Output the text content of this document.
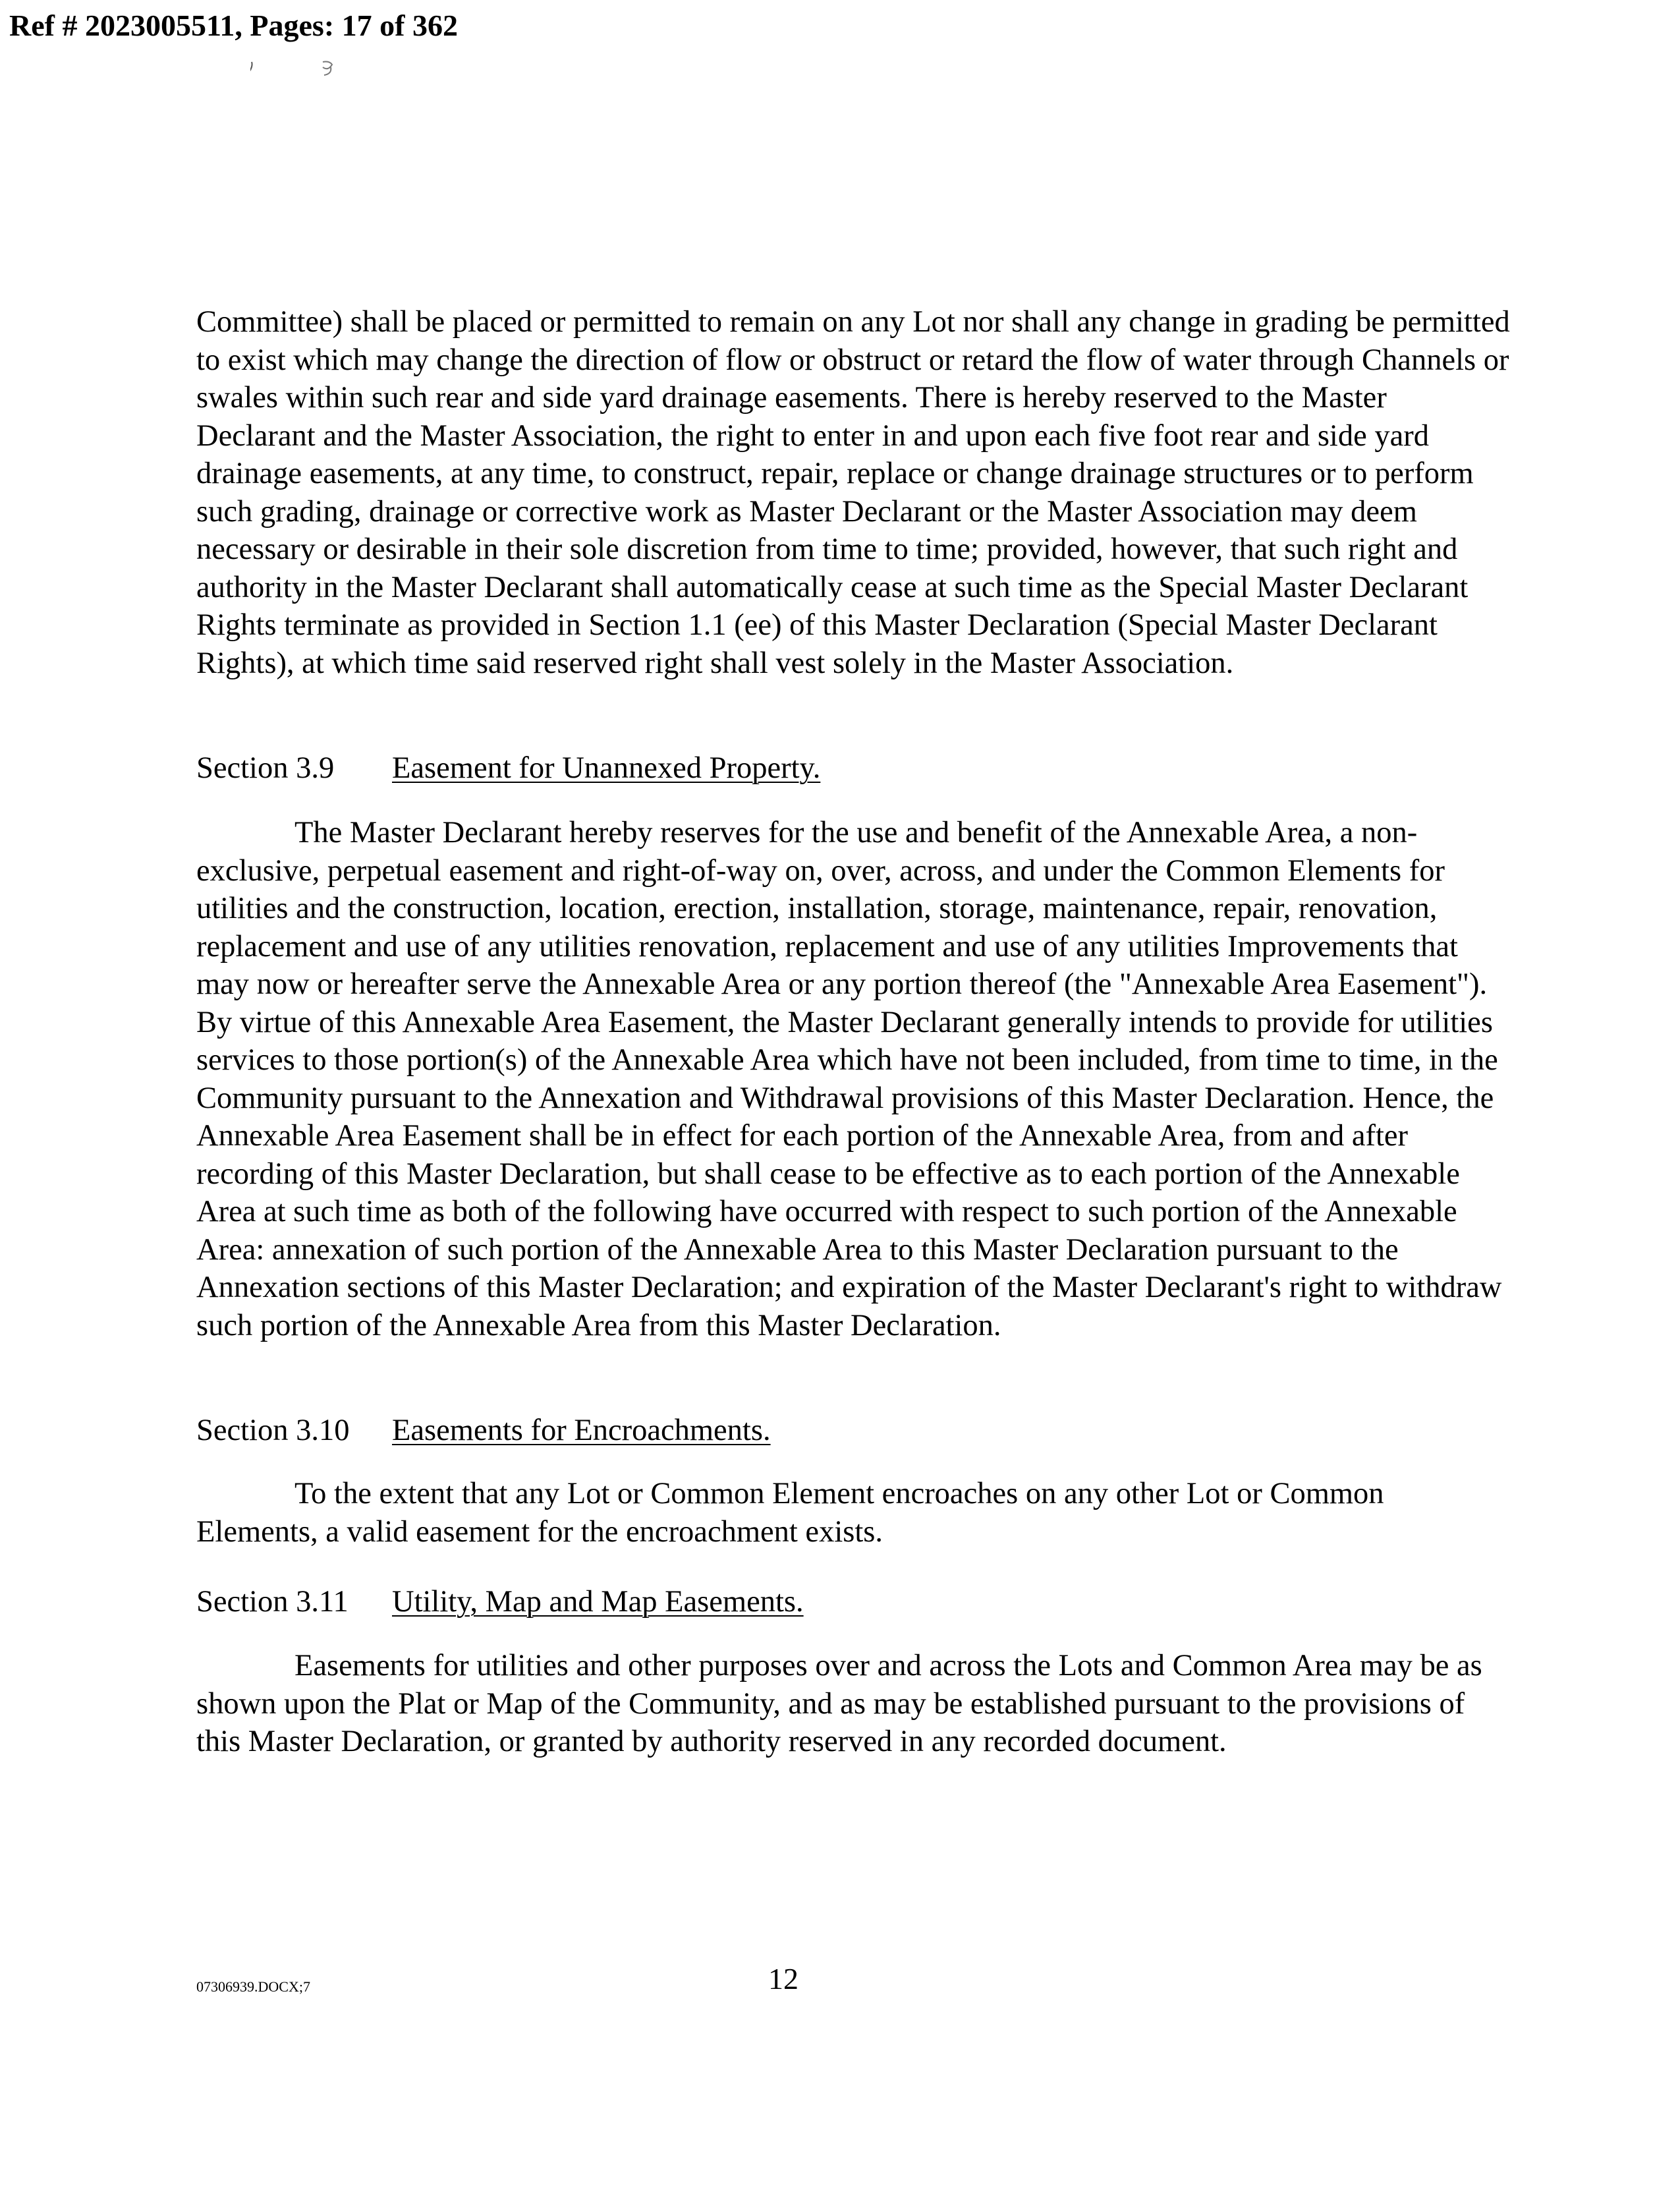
Ref # 2023005511, Pages: 17 of 362

Committee) shall be placed or permitted to remain on any Lot nor shall any change in grading be permitted to exist which may change the direction of flow or obstruct or retard the flow of water through Channels or swales within such rear and side yard drainage easements. There is hereby reserved to the Master Declarant and the Master Association, the right to enter in and upon each five foot rear and side yard drainage easements, at any time, to construct, repair, replace or change drainage structures or to perform such grading, drainage or corrective work as Master Declarant or the Master Association may deem necessary or desirable in their sole discretion from time to time; provided, however, that such right and authority in the Master Declarant shall automatically cease at such time as the Special Master Declarant Rights terminate as provided in Section 1.1 (ee) of this Master Declaration (Special Master Declarant Rights), at which time said reserved right shall vest solely in the Master Association.

Section 3.9 Easement for Unannexed Property.

The Master Declarant hereby reserves for the use and benefit of the Annexable Area, a non-exclusive, perpetual easement and right-of-way on, over, across, and under the Common Elements for utilities and the construction, location, erection, installation, storage, maintenance, repair, renovation, replacement and use of any utilities renovation, replacement and use of any utilities Improvements that may now or hereafter serve the Annexable Area or any portion thereof (the "Annexable Area Easement"). By virtue of this Annexable Area Easement, the Master Declarant generally intends to provide for utilities services to those portion(s) of the Annexable Area which have not been included, from time to time, in the Community pursuant to the Annexation and Withdrawal provisions of this Master Declaration. Hence, the Annexable Area Easement shall be in effect for each portion of the Annexable Area, from and after recording of this Master Declaration, but shall cease to be effective as to each portion of the Annexable Area at such time as both of the following have occurred with respect to such portion of the Annexable Area: annexation of such portion of the Annexable Area to this Master Declaration pursuant to the Annexation sections of this Master Declaration; and expiration of the Master Declarant's right to withdraw such portion of the Annexable Area from this Master Declaration.

Section 3.10 Easements for Encroachments.

To the extent that any Lot or Common Element encroaches on any other Lot or Common Elements, a valid easement for the encroachment exists.

Section 3.11 Utility, Map and Map Easements.

Easements for utilities and other purposes over and across the Lots and Common Area may be as shown upon the Plat or Map of the Community, and as may be established pursuant to the provisions of this Master Declaration, or granted by authority reserved in any recorded document.

07306939.DOCX;7	12
